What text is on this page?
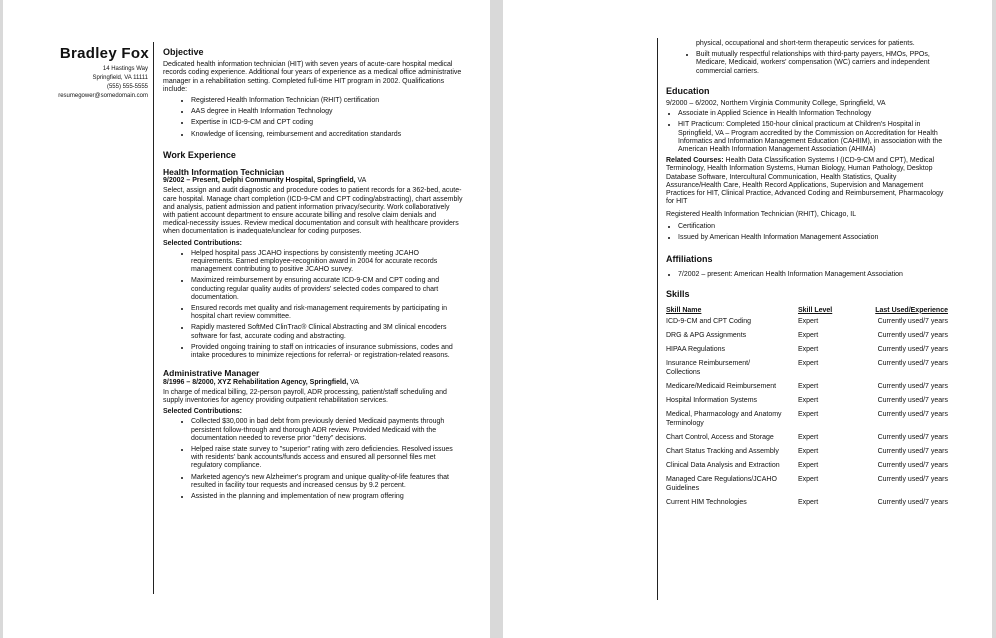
Bradley Fox
14 Hastings Way
Springfield, VA 11111
(555) 555-5555
resumegower@somedomain.com
Objective

Dedicated health information technician (HIT) with seven years of acute-care hospital medical records coding experience. Additional four years of experience as a medical office administrative manager in a rehabilitation setting. Completed full-time HIT program in 2002. Qualifications include:

• Registered Health Information Technician (RHIT) certification
• AAS degree in Health Information Technology
• Expertise in ICD-9-CM and CPT coding
• Knowledge of licensing, reimbursement and accreditation standards
Work Experience
Health Information Technician
9/2002 – Present, Delphi Community Hospital, Springfield, VA

Select, assign and audit diagnostic and procedure codes to patient records for a 362-bed, acute-care hospital. Manage chart completion (ICD-9-CM and CPT coding/abstracting), chart assembly and analysis, patient admission and patient information privacy/security. Work collaboratively with patient account department to ensure accurate billing and resolve claim denials and medical-necessity issues. Review medical documentation and consult with healthcare providers when documentation is inadequate/unclear for coding purposes.

Selected Contributions:
• Helped hospital pass JCAHO inspections by consistently meeting JCAHO requirements. Earned employee-recognition award in 2004 for accurate records management contributing to positive JCAHO survey.
• Maximized reimbursement by ensuring accurate ICD-9-CM and CPT coding and conducting regular quality audits of providers' selected codes compared to chart documentation.
• Ensured records met quality and risk-management requirements by participating in hospital chart review committee.
• Rapidly mastered SoftMed ClinTrac® Clinical Abstracting and 3M clinical encoders software for fast, accurate coding and abstracting.
• Provided ongoing training to staff on intricacies of insurance submissions, codes and intake procedures to minimize rejections for referral- or registration-related reasons.
Administrative Manager
8/1996 – 8/2000, XYZ Rehabilitation Agency, Springfield, VA

In charge of medical billing, 22-person payroll, ADR processing, patient/staff scheduling and supply inventories for agency providing outpatient rehabilitation services.

Selected Contributions:
• Collected $30,000 in bad debt from previously denied Medicaid payments through persistent follow-through and thorough ADR review. Provided Medicaid with the documentation needed to reverse prior "deny" decisions.
• Helped raise state survey to "superior" rating with zero deficiencies. Resolved issues with residents' bank accounts/funds access and ensured all personnel files met regulatory compliance.
• Marketed agency's new Alzheimer's program and unique quality-of-life features that resulted in facility tour requests and increased census by 9.2 percent.
• Assisted in the planning and implementation of new program offering
physical, occupational and short-term therapeutic services for patients.
• Built mutually respectful relationships with third-party payers, HMOs, PPOs, Medicare, Medicaid, workers' compensation (WC) carriers and independent commercial carriers.
Education

9/2000 – 6/2002, Northern Virginia Community College, Springfield, VA

• Associate in Applied Science in Health Information Technology
• HIT Practicum: Completed 150-hour clinical practicum at Children's Hospital in Springfield, VA – Program accredited by the Commission on Accreditation for Health Informatics and Information Management Education (CAHIIM), in association with the American Health Information Management Association (AHIMA)

Related Courses: Health Data Classification Systems I (ICD-9-CM and CPT), Medical Terminology, Health Information Systems, Human Biology, Human Pathology, Desktop Database Software, Intercultural Communication, Health Statistics, Quality Assurance/Health Care, Health Record Applications, Supervision and Management Practices for HIT, Clinical Practice, Advanced Coding and Reimbursement, Pharmacology for HIT

Registered Health Information Technician (RHIT), Chicago, IL

• Certification
• Issued by American Health Information Management Association
Affiliations
• 7/2002 – present: American Health Information Management Association
Skills
Skill Name	Skill Level	Last Used/Experience
ICD-9-CM and CPT Coding	Expert	Currently used/7 years
DRG & APG Assignments	Expert	Currently used/7 years
HIPAA Regulations	Expert	Currently used/7 years
Insurance Reimbursement/ Collections	Expert	Currently used/7 years
Medicare/Medicaid Reimbursement	Expert	Currently used/7 years
Hospital Information Systems	Expert	Currently used/7 years
Medical, Pharmacology and Anatomy Terminology	Expert	Currently used/7 years
Chart Control, Access and Storage	Expert	Currently used/7 years
Chart Status Tracking and Assembly	Expert	Currently used/7 years
Clinical Data Analysis and Extraction	Expert	Currently used/7 years
Managed Care Regulations/JCAHO Guidelines	Expert	Currently used/7 years
Current HIM Technologies	Expert	Currently used/7 years
